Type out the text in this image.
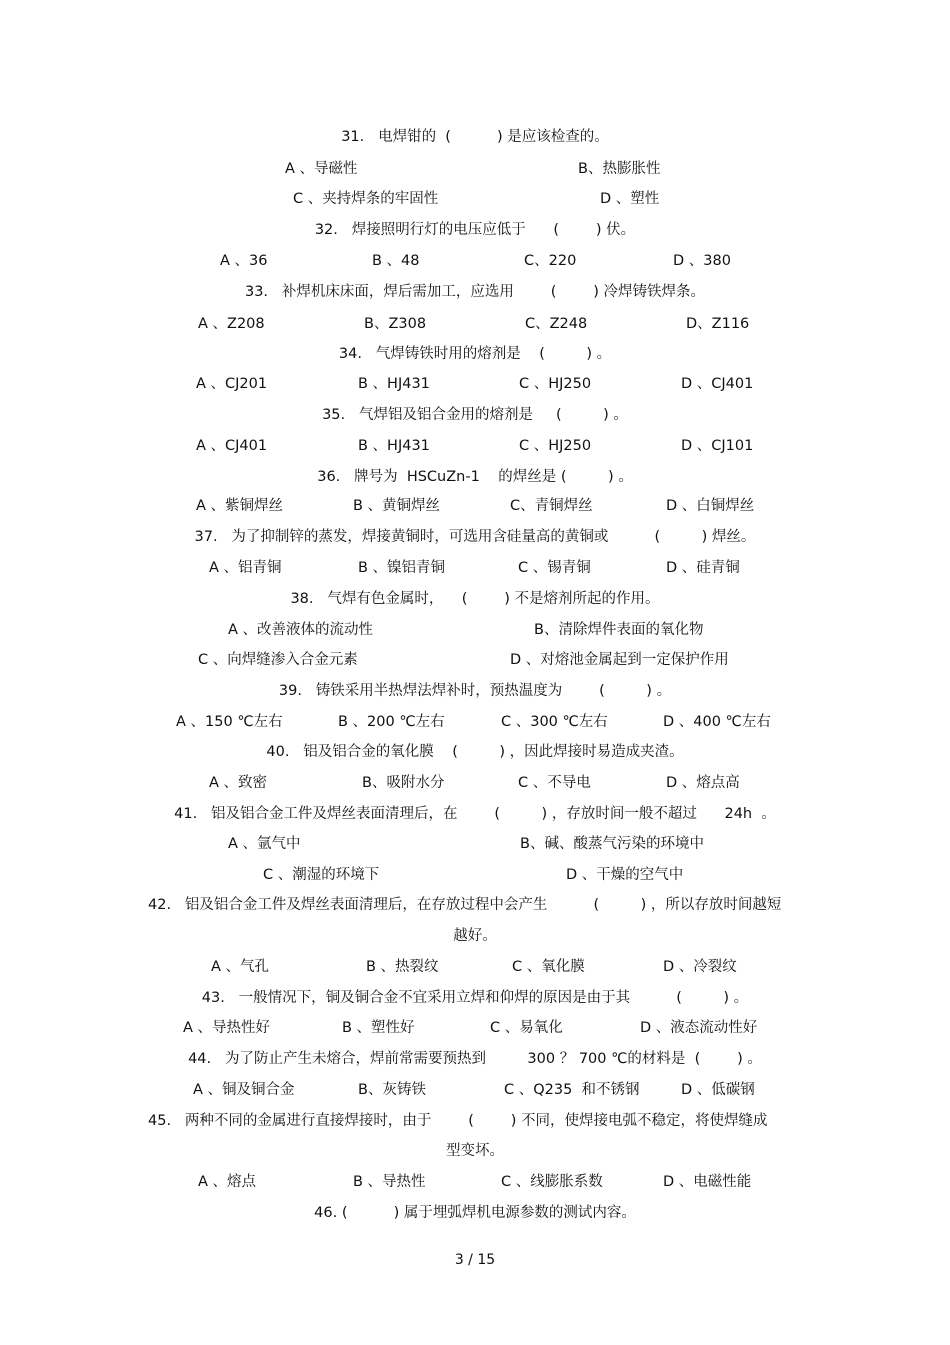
31.   电焊钳的  (          ) 是应该检查的。
A 、导磁性	B、热膨胀性
C 、夹持焊条的牢固性	D 、塑性
32.   焊接照明行灯的电压应低于      (        ) 伏。
A 、36	B 、48	C、220	D 、380
33.   补焊机床床面，焊后需加工，应选用        (        ) 冷焊铸铁焊条。
A 、Z208	B、Z308	C、Z248	D、Z116
34.   气焊铸铁时用的熔剂是    (         ) 。
A 、CJ201	B 、HJ431	C 、HJ250	D 、CJ401
35.   气焊铝及铝合金用的熔剂是     (         ) 。
A 、CJ401	B 、HJ431	C 、HJ250	D 、CJ101
36.   牌号为  HSCuZn-1    的焊丝是 (         ) 。
A 、紫铜焊丝	B 、黄铜焊丝	C、青铜焊丝	D 、白铜焊丝
37.   为了抑制锌的蒸发，焊接黄铜时，可选用含硅量高的黄铜或          (         ) 焊丝。
A 、铝青铜	B 、镍铝青铜	C 、锡青铜	D 、硅青铜
38.   气焊有色金属时，    (        ) 不是熔剂所起的作用。
A 、改善液体的流动性	B、清除焊件表面的氧化物
C 、向焊缝渗入合金元素	D 、对熔池金属起到一定保护作用
39.   铸铁采用半热焊法焊补时，预热温度为        (         ) 。
A 、150 ℃左右	B 、200 ℃左右	C 、300 ℃左右	D 、400 ℃左右
40.   铝及铝合金的氧化膜    (         ) ，因此焊接时易造成夹渣。
A 、致密	B、吸附水分	C 、不导电	D 、熔点高
41.   铝及铝合金工件及焊丝表面清理后，在        (         ) ，存放时间一般不超过      24h  。
A 、氩气中	B、碱、酸蒸气污染的环境中
C 、潮湿的环境下	D 、干燥的空气中
42.   铝及铝合金工件及焊丝表面清理后，在存放过程中会产生          (         ) ，所以存放时间越短
越好。
A 、气孔	B 、热裂纹	C 、氧化膜	D 、冷裂纹
43.   一般情况下，铜及铜合金不宜采用立焊和仰焊的原因是由于其          (         ) 。
A 、导热性好	B 、塑性好	C 、易氧化	D 、液态流动性好
44.   为了防止产生未熔合，焊前常需要预热到         300 ？ 700 ℃的材料是  (        ) 。
A 、铜及铜合金	B、灰铸铁	C 、Q235  和不锈钢	D 、低碳钢
45.   两种不同的金属进行直接焊接时，由于        (        ) 不同，使焊接电弧不稳定，将使焊缝成
型变坏。
A 、熔点	B 、导热性	C 、线膨胀系数	D 、电磁性能
46. (          ) 属于埋弧焊机电源参数的测试内容。
3 / 15
